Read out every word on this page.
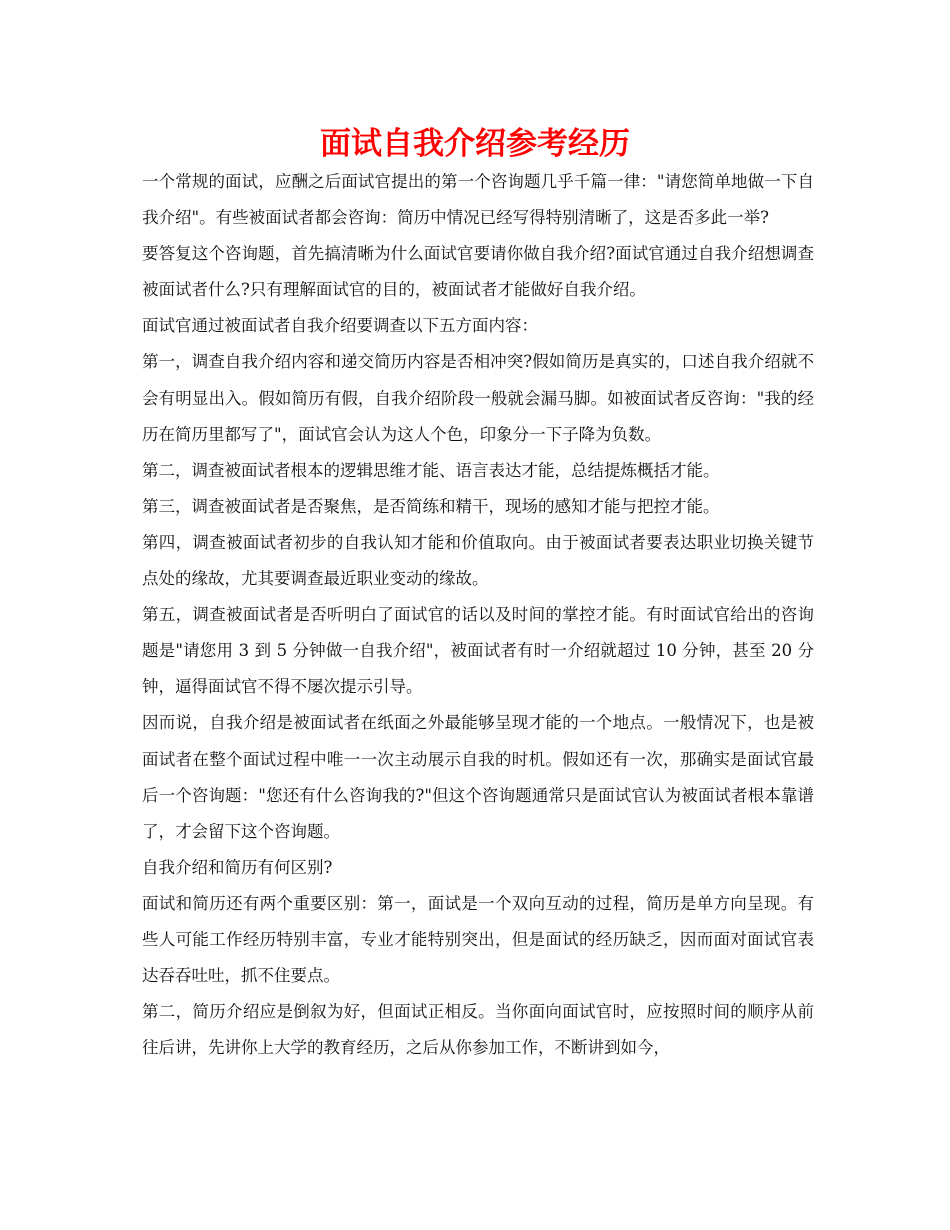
面试自我介绍参考经历

一个常规的面试，应酬之后面试官提出的第一个咨询题几乎千篇一律："请您简单地做一下自我介绍"。有些被面试者都会咨询：简历中情况已经写得特别清晰了，这是否多此一举?

要答复这个咨询题，首先搞清晰为什么面试官要请你做自我介绍?面试官通过自我介绍想调查被面试者什么?只有理解面试官的目的，被面试者才能做好自我介绍。

面试官通过被面试者自我介绍要调查以下五方面内容：

第一，调查自我介绍内容和递交简历内容是否相冲突?假如简历是真实的，口述自我介绍就不会有明显出入。假如简历有假，自我介绍阶段一般就会漏马脚。如被面试者反咨询："我的经历在简历里都写了"，面试官会认为这人个色，印象分一下子降为负数。

第二，调查被面试者根本的逻辑思维才能、语言表达才能，总结提炼概括才能。

第三，调查被面试者是否聚焦，是否简练和精干，现场的感知才能与把控才能。

第四，调查被面试者初步的自我认知才能和价值取向。由于被面试者要表达职业切换关键节点处的缘故，尤其要调查最近职业变动的缘故。

第五，调查被面试者是否听明白了面试官的话以及时间的掌控才能。有时面试官给出的咨询题是"请您用 3 到 5 分钟做一自我介绍"，被面试者有时一介绍就超过 10 分钟，甚至 20 分钟，逼得面试官不得不屡次提示引导。

因而说，自我介绍是被面试者在纸面之外最能够呈现才能的一个地点。一般情况下，也是被面试者在整个面试过程中唯一一次主动展示自我的时机。假如还有一次，那确实是面试官最后一个咨询题："您还有什么咨询我的?"但这个咨询题通常只是面试官认为被面试者根本靠谱了，才会留下这个咨询题。

自我介绍和简历有何区别?

面试和简历还有两个重要区别：第一，面试是一个双向互动的过程，简历是单方向呈现。有些人可能工作经历特别丰富，专业才能特别突出，但是面试的经历缺乏，因而面对面试官表达吞吞吐吐，抓不住要点。

第二，简历介绍应是倒叙为好，但面试正相反。当你面向面试官时，应按照时间的顺序从前往后讲，先讲你上大学的教育经历，之后从你参加工作，不断讲到如今，
